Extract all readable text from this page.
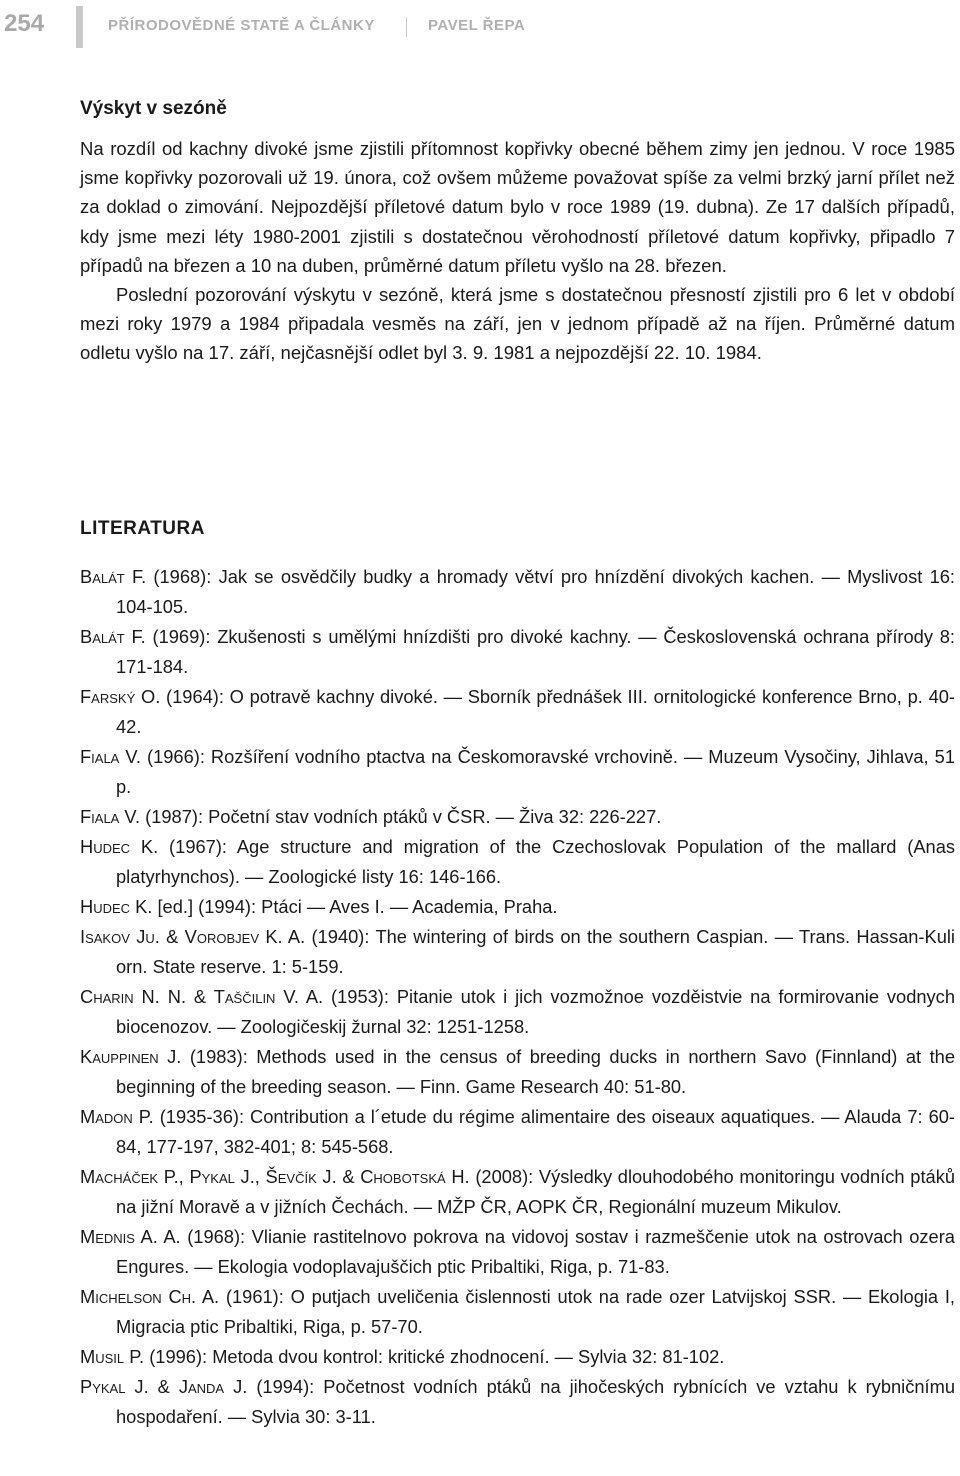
254	PŘÍRODOVĚDNÉ STATĚ A ČLÁNKY	PAVEL ŘEPA
Výskyt v sezóně

Na rozdíl od kachny divoké jsme zjistili přítomnost kopřivky obecné během zimy jen jednou. V roce 1985 jsme kopřivky pozorovali už 19. února, což ovšem můžeme považovat spíše za velmi brzký jarní přílet než za doklad o zimování. Nejpozdější příletové datum bylo v roce 1989 (19. dubna). Ze 17 dalších případů, kdy jsme mezi léty 1980-2001 zjistili s dostatečnou věrohodností příletové datum kopřivky, připadlo 7 případů na březen a 10 na duben, průměrné datum příletu vyšlo na 28. březen.

Poslední pozorování výskytu v sezóně, která jsme s dostatečnou přesností zjistili pro 6 let v období mezi roky 1979 a 1984 připadala vesměs na září, jen v jednom případě až na říjen. Průměrné datum odletu vyšlo na 17. září, nejčasnější odlet byl 3. 9. 1981 a nejpozdější 22. 10. 1984.

LITERATURA
Balát F. (1968): Jak se osvědčily budky a hromady větví pro hnízdění divokých kachen. — Myslivost 16: 104-105.
Balát F. (1969): Zkušenosti s umělými hnízdišti pro divoké kachny. — Československá ochrana přírody 8: 171-184.
Farský O. (1964): O potravě kachny divoké. — Sborník přednášek III. ornitologické konference Brno, p. 40-42.
Fiala V. (1966): Rozšíření vodního ptactva na Českomoravské vrchovině. — Muzeum Vysočiny, Jihlava, 51 p.
Fiala V. (1987): Početní stav vodních ptáků v ČSR. — Živa 32: 226-227.
Hudec K. (1967): Age structure and migration of the Czechoslovak Population of the mallard (Anas platyrhynchos). — Zoologické listy 16: 146-166.
Hudec K. [ed.] (1994): Ptáci — Aves I. — Academia, Praha.
Isakov Ju. & Vorobjev K. A. (1940): The wintering of birds on the southern Caspian. — Trans. Hassan-Kuli orn. State reserve. 1: 5-159.
Charin N. N. & Taščilin V. A. (1953): Pitanie utok i jich vozmožnoe vozděistvie na formirovanie vodnych biocenozov. — Zoologičeskij žurnal 32: 1251-1258.
Kauppinen J. (1983): Methods used in the census of breeding ducks in northern Savo (Finnland) at the beginning of the breeding season. — Finn. Game Research 40: 51-80.
Madon P. (1935-36): Contribution a l´etude du régime alimentaire des oiseaux aquatiques. — Alauda 7: 60-84, 177-197, 382-401; 8: 545-568.
Macháček P., Pykal J., Ševčík J. & Chobotská H. (2008): Výsledky dlouhodobého monitoringu vodních ptáků na jižní Moravě a v jižních Čechách. — MŽP ČR, AOPK ČR, Regionální muzeum Mikulov.
Mednis A. A. (1968): Vlianie rastitelnovo pokrova na vidovoj sostav i razmeščenie utok na ostrovach ozera Engures. — Ekologia vodoplavajuščich ptic Pribaltiki, Riga, p. 71-83.
Michelson Ch. A. (1961): O putjach uveličenia čislennosti utok na rade ozer Latvijskoj SSR. — Ekologia I, Migracia ptic Pribaltiki, Riga, p. 57-70.
Musil P. (1996): Metoda dvou kontrol: kritické zhodnocení. — Sylvia 32: 81-102.
Pykal J. & Janda J. (1994): Početnost vodních ptáků na jihočeských rybnících ve vztahu k rybničnímu hospodaření. — Sylvia 30: 3-11.
